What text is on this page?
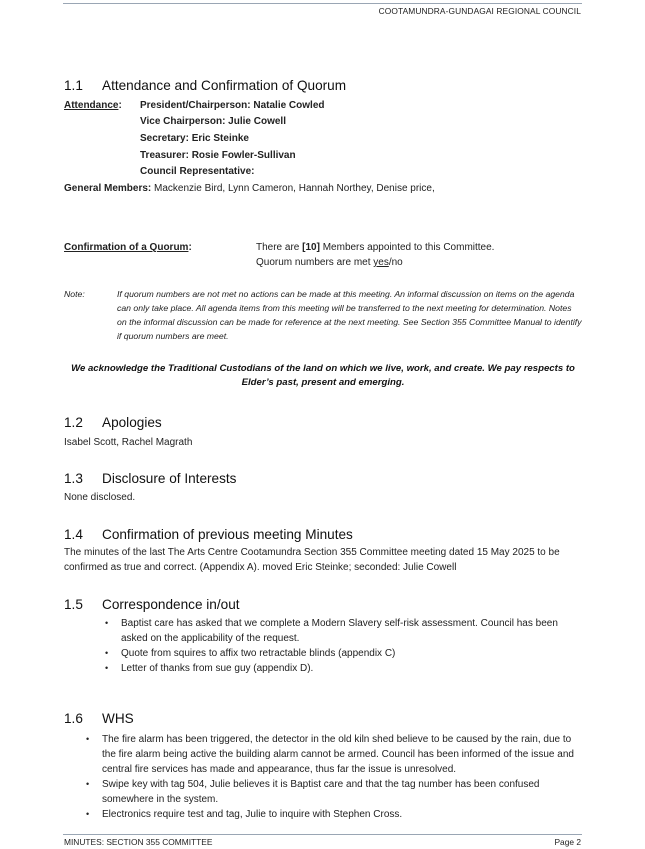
COOTAMUNDRA-GUNDAGAI REGIONAL COUNCIL
1.1 Attendance and Confirmation of Quorum
Attendance: President/Chairperson: Natalie Cowled
Vice Chairperson: Julie Cowell
Secretary: Eric Steinke
Treasurer: Rosie Fowler-Sullivan
Council Representative:
General Members: Mackenzie Bird, Lynn Cameron, Hannah Northey, Denise price,
Confirmation of a Quorum:	There are [10] Members appointed to this Committee.
Quorum numbers are met yes/no
Note:	If quorum numbers are not met no actions can be made at this meeting. An informal discussion on items on the agenda can only take place. All agenda items from this meeting will be transferred to the next meeting for determination. Notes on the informal discussion can be made for reference at the next meeting. See Section 355 Committee Manual to identify if quorum numbers are meet.
We acknowledge the Traditional Custodians of the land on which we live, work, and create. We pay respects to Elder’s past, present and emerging.
1.2 Apologies
Isabel Scott, Rachel Magrath
1.3 Disclosure of Interests
None disclosed.
1.4 Confirmation of previous meeting Minutes
The minutes of the last The Arts Centre Cootamundra Section 355 Committee meeting dated 15 May 2025 to be confirmed as true and correct. (Appendix A). moved Eric Steinke; seconded: Julie Cowell
1.5 Correspondence in/out
• Baptist care has asked that we complete a Modern Slavery self-risk assessment. Council has been asked on the applicability of the request.
• Quote from squires to affix two retractable blinds (appendix C)
• Letter of thanks from sue guy (appendix D).
1.6 WHS
• The fire alarm has been triggered, the detector in the old kiln shed believe to be caused by the rain, due to the fire alarm being active the building alarm cannot be armed. Council has been informed of the issue and central fire services has made and appearance, thus far the issue is unresolved.
• Swipe key with tag 504, Julie believes it is Baptist care and that the tag number has been confused somewhere in the system.
• Electronics require test and tag, Julie to inquire with Stephen Cross.
MINUTES: SECTION 355 COMMITTEE	Page 2
